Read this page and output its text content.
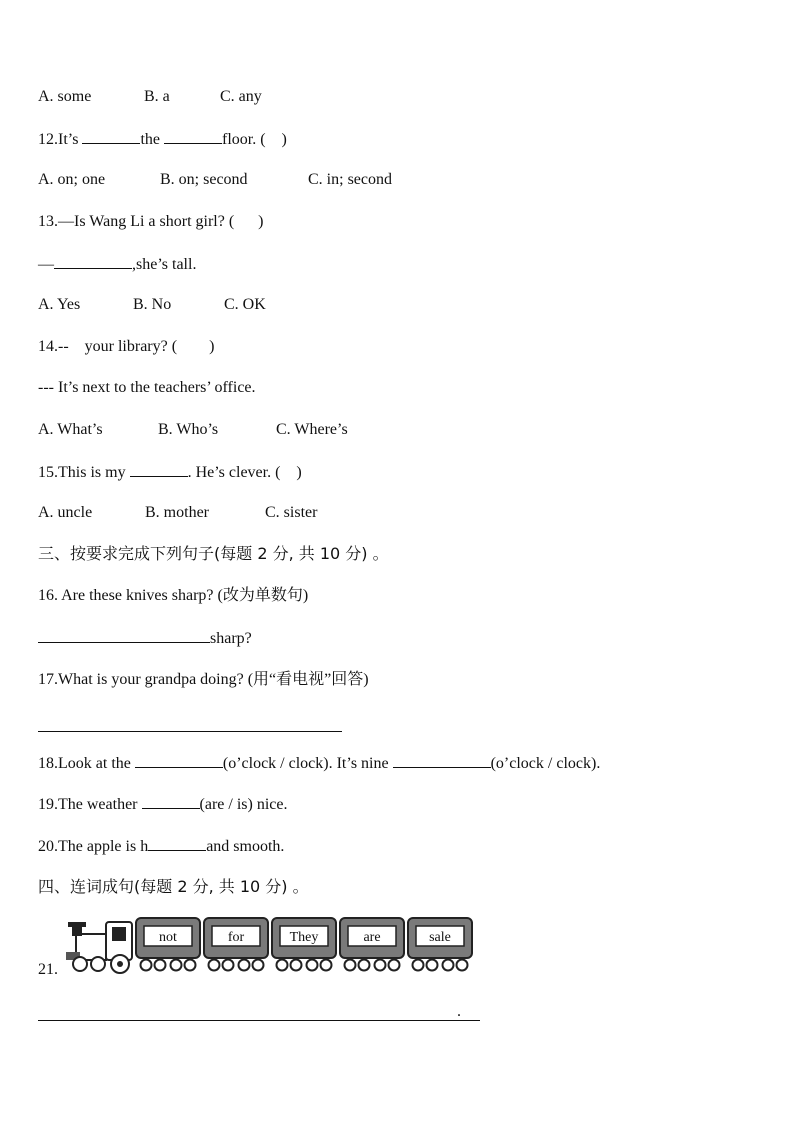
A. some	B. a	C. any
12.It’s	the	floor. (    )
A. on; one	B. on; second	C. in; second
13.—Is Wang Li a short girl? (      )
—	,she’s tall.
A. Yes	B. No	C. OK
14.--    your library? (        )
--- It’s next to the teachers’ office.
A. What’s	B. Who’s	C. Where’s
15.This is my	. He’s clever. (    )
A. uncle	B. mother	C. sister
三、按要求完成下列句子(每题 2 分, 共 10 分) 。
16. Are these knives sharp? (改为单数句)
sharp?
17.What is your grandpa doing? (用“看电视”回答)
18.Look at the	(o’clock / clock). It’s nine	(o’clock / clock).
19.The weather	(are / is) nice.
20.The apple is h	and smooth.
四、连词成句(每题 2 分, 共 10 分) 。
21.
not	for	They	are	sale
.
